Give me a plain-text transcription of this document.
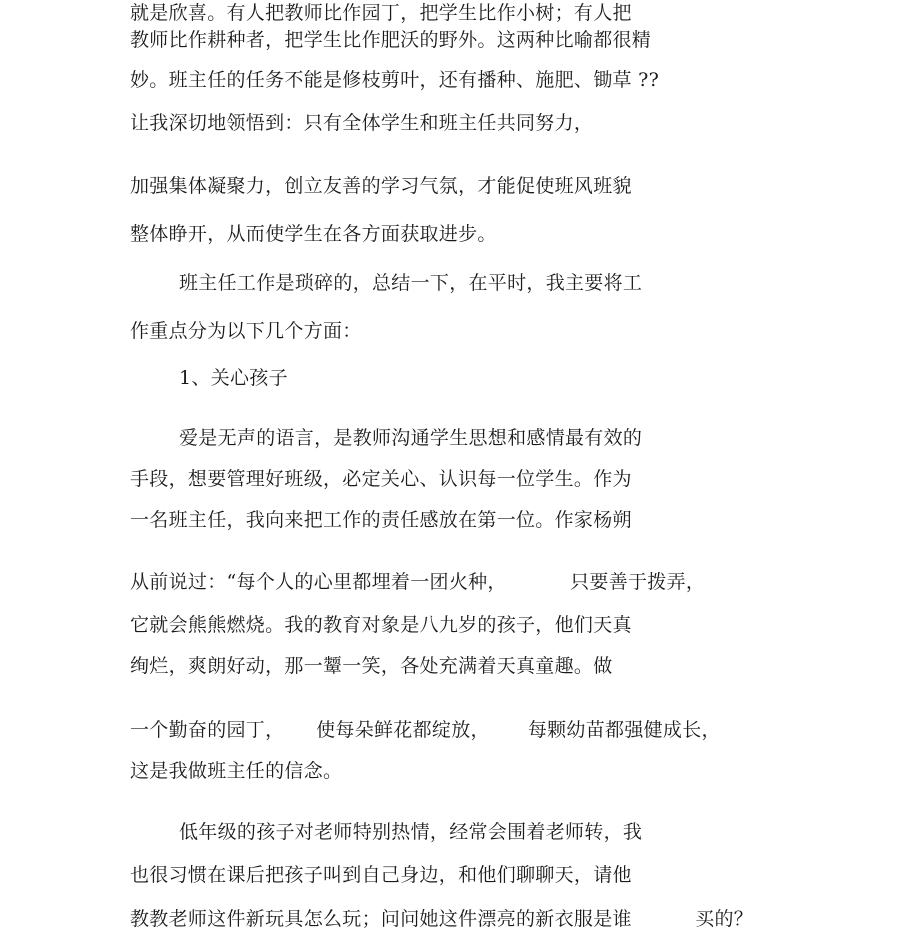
就是欣喜。有人把教师比作园丁，把学生比作小树；有人把
教师比作耕种者，把学生比作肥沃的野外。这两种比喻都很精
妙。班主任的任务不能是修枝剪叶，还有播种、施肥、锄草 ??
让我深切地领悟到：只有全体学生和班主任共同努力，
加强集体凝聚力，创立友善的学习气氛，才能促使班风班貌
整体睁开，从而使学生在各方面获取进步。
班主任工作是琐碎的，总结一下，在平时，我主要将工
作重点分为以下几个方面：
1、关心孩子
爱是无声的语言，是教师沟通学生思想和感情最有效的
手段，想要管理好班级，必定关心、认识每一位学生。作为
一名班主任，我向来把工作的责任感放在第一位。作家杨朔
从前说过：“每个人的心里都埋着一团火种，          只要善于拨弄，
它就会熊熊燃烧。我的教育对象是八九岁的孩子，他们天真
绚烂，爽朗好动，那一颦一笑，各处充满着天真童趣。做
一个勤奋的园丁，     使每朵鲜花都绽放，      每颗幼苗都强健成长，
这是我做班主任的信念。
低年级的孩子对老师特别热情，经常会围着老师转，我
也很习惯在课后把孩子叫到自己身边，和他们聊聊天，请他
教教老师这件新玩具怎么玩；问问她这件漂亮的新衣服是谁          买的？
